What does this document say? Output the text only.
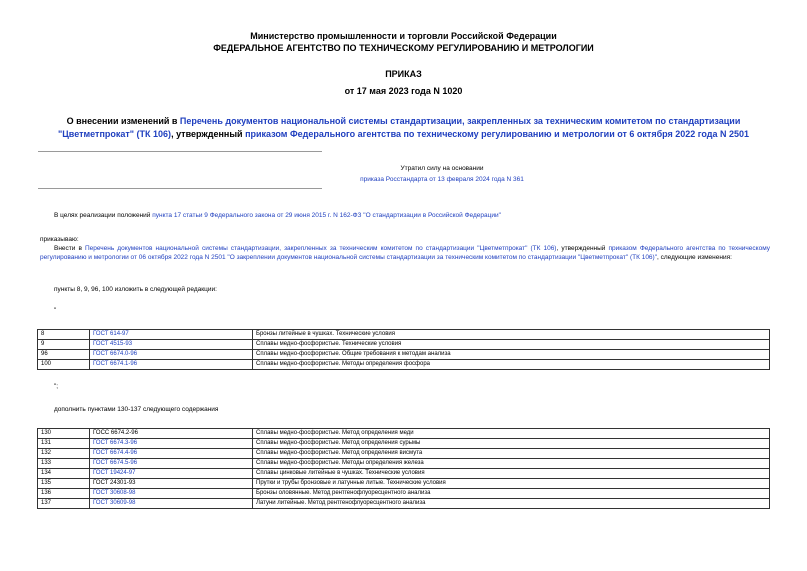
Министерство промышленности и торговли Российской Федерации
ФЕДЕРАЛЬНОЕ АГЕНТСТВО ПО ТЕХНИЧЕСКОМУ РЕГУЛИРОВАНИЮ И МЕТРОЛОГИИ
ПРИКАЗ
от 17 мая 2023 года N 1020
О внесении изменений в Перечень документов национальной системы стандартизации, закрепленных за техническим комитетом по стандартизации "Цветметпрокат" (ТК 106), утвержденный приказом Федерального агентства по техническому регулированию и метрологии от 6 октября 2022 года N 2501
Утратил силу на основании
приказа Росстандарта от 13 февраля 2024 года N 361
В целях реализации положений пункта 17 статьи 9 Федерального закона от 29 июня 2015 г. N 162-ФЗ "О стандартизации в Российской Федерации"
приказываю:
Внести в Перечень документов национальной системы стандартизации, закрепленных за техническим комитетом по стандартизации "Цветметпрокат" (ТК 106), утвержденный приказом Федерального агентства по техническому регулированию и метрологии от 06 октября 2022 года N 2501 "О закреплении документов национальной системы стандартизации за техническим комитетом по стандартизации "Цветметпрокат" (ТК 106)", следующие изменения:
пункты 8, 9, 96, 100 изложить в следующей редакции:
"
8	ГОСТ 614-97	Бронзы литейные в чушках. Технические условия
9	ГОСТ 4515-93	Сплавы медно-фосфористые. Технические условия
96	ГОСТ 6674.0-96	Сплавы медно-фосфористые. Общие требования к методам анализа
100	ГОСТ 6674.1-96	Сплавы медно-фосфористые. Методы определения фосфора
";
дополнить пунктами 130-137 следующего содержания
130	ГОСС 6674.2-96	Сплавы медно-фосфористые. Метод определения меди
131	ГОСТ 6674.3-96	Сплавы медно-фосфористые. Метод определения сурьмы
132	ГОСТ 6674.4-96	Сплавы медно-фосфористые. Метод определения висмута
133	ГОСТ 6674.5-96	Сплавы медно-фосфористые. Методы определения железа
134	ГОСТ 19424-97	Сплавы цинковые литейные в чушках. Технические условия
135	ГОСТ 24301-93	Прутки и трубы бронзовые и латунные литые. Технические условия
136	ГОСТ 30608-98	Бронзы оловянные. Метод рентгенофлуоресцентного анализа
137	ГОСТ 30609-98	Латуни литейные. Метод рентгенофлуоресцентного анализа
